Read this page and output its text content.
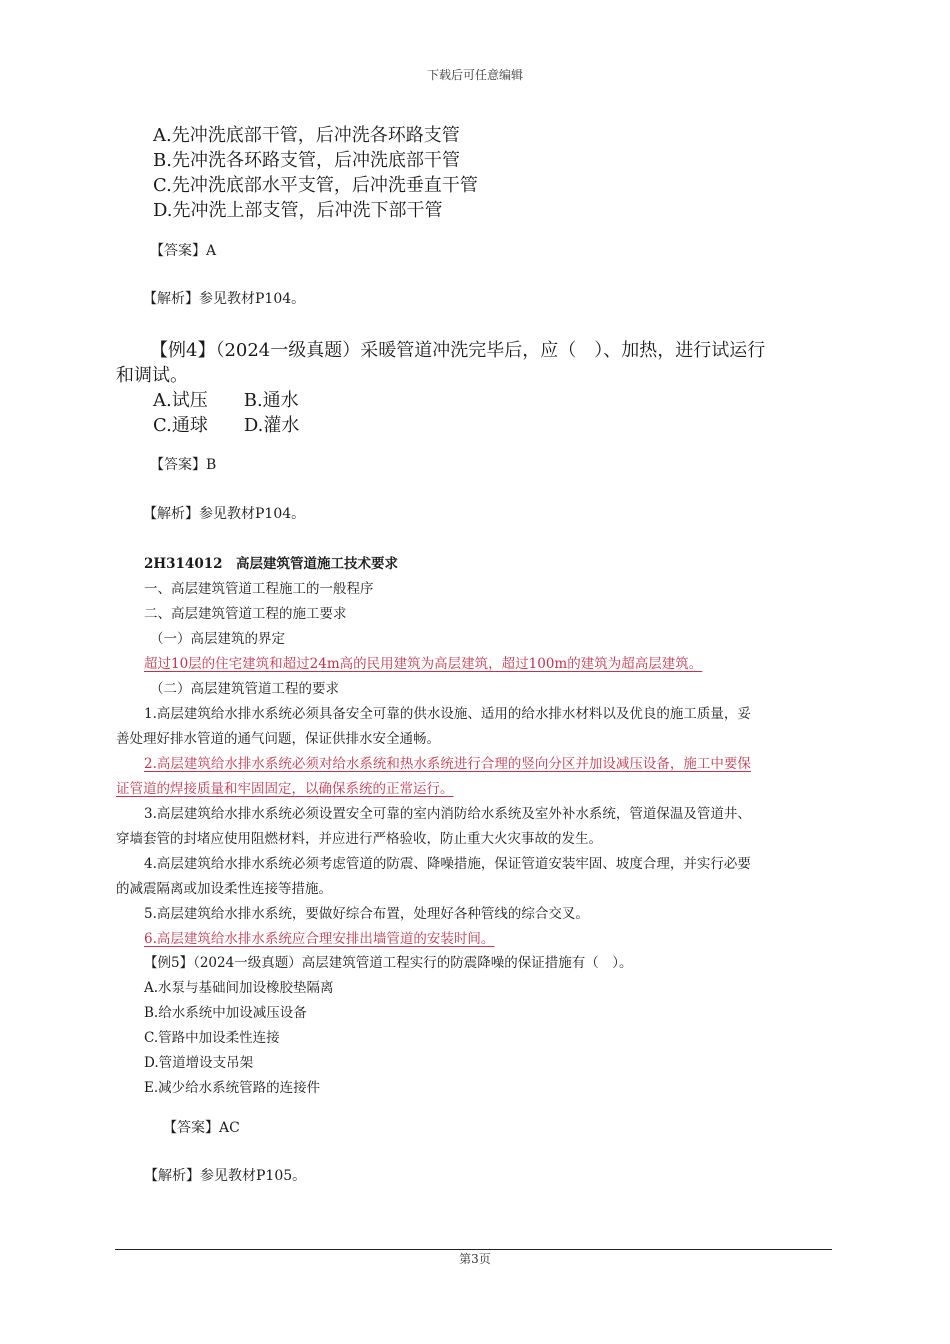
下载后可任意编辑
A.先冲洗底部干管，后冲洗各环路支管
B.先冲洗各环路支管，后冲洗底部干管
C.先冲洗底部水平支管，后冲洗垂直干管
D.先冲洗上部支管，后冲洗下部干管
【答案】A
【解析】参见教材P104。
【例4】（2024一级真题）采暖管道冲洗完毕后，应（　）、加热，进行试运行
和调试。
A.试压　　B.通水
C.通球　　D.灌水
【答案】B
【解析】参见教材P104。
2H314012　高层建筑管道施工技术要求
一、高层建筑管道工程施工的一般程序
二、高层建筑管道工程的施工要求
（一）高层建筑的界定
超过10层的住宅建筑和超过24m高的民用建筑为高层建筑，超过100m的建筑为超高层建筑。
（二）高层建筑管道工程的要求
1.高层建筑给水排水系统必须具备安全可靠的供水设施、适用的给水排水材料以及优良的施工质量，妥
善处理好排水管道的通气问题，保证供排水安全通畅。
2.高层建筑给水排水系统必须对给水系统和热水系统进行合理的竖向分区并加设减压设备，施工中要保
证管道的焊接质量和牢固固定，以确保系统的正常运行。
3.高层建筑给水排水系统必须设置安全可靠的室内消防给水系统及室外补水系统，管道保温及管道井、
穿墙套管的封堵应使用阻燃材料，并应进行严格验收，防止重大火灾事故的发生。
4.高层建筑给水排水系统必须考虑管道的防震、降噪措施，保证管道安装牢固、坡度合理，并实行必要
的减震隔离或加设柔性连接等措施。
5.高层建筑给水排水系统，要做好综合布置，处理好各种管线的综合交叉。
6.高层建筑给水排水系统应合理安排出墙管道的安装时间。
【例5】（2024一级真题）高层建筑管道工程实行的防震降噪的保证措施有（　）。
A.水泵与基础间加设橡胶垫隔离
B.给水系统中加设减压设备
C.管路中加设柔性连接
D.管道增设支吊架
E.减少给水系统管路的连接件
【答案】AC
【解析】参见教材P105。
第3页
